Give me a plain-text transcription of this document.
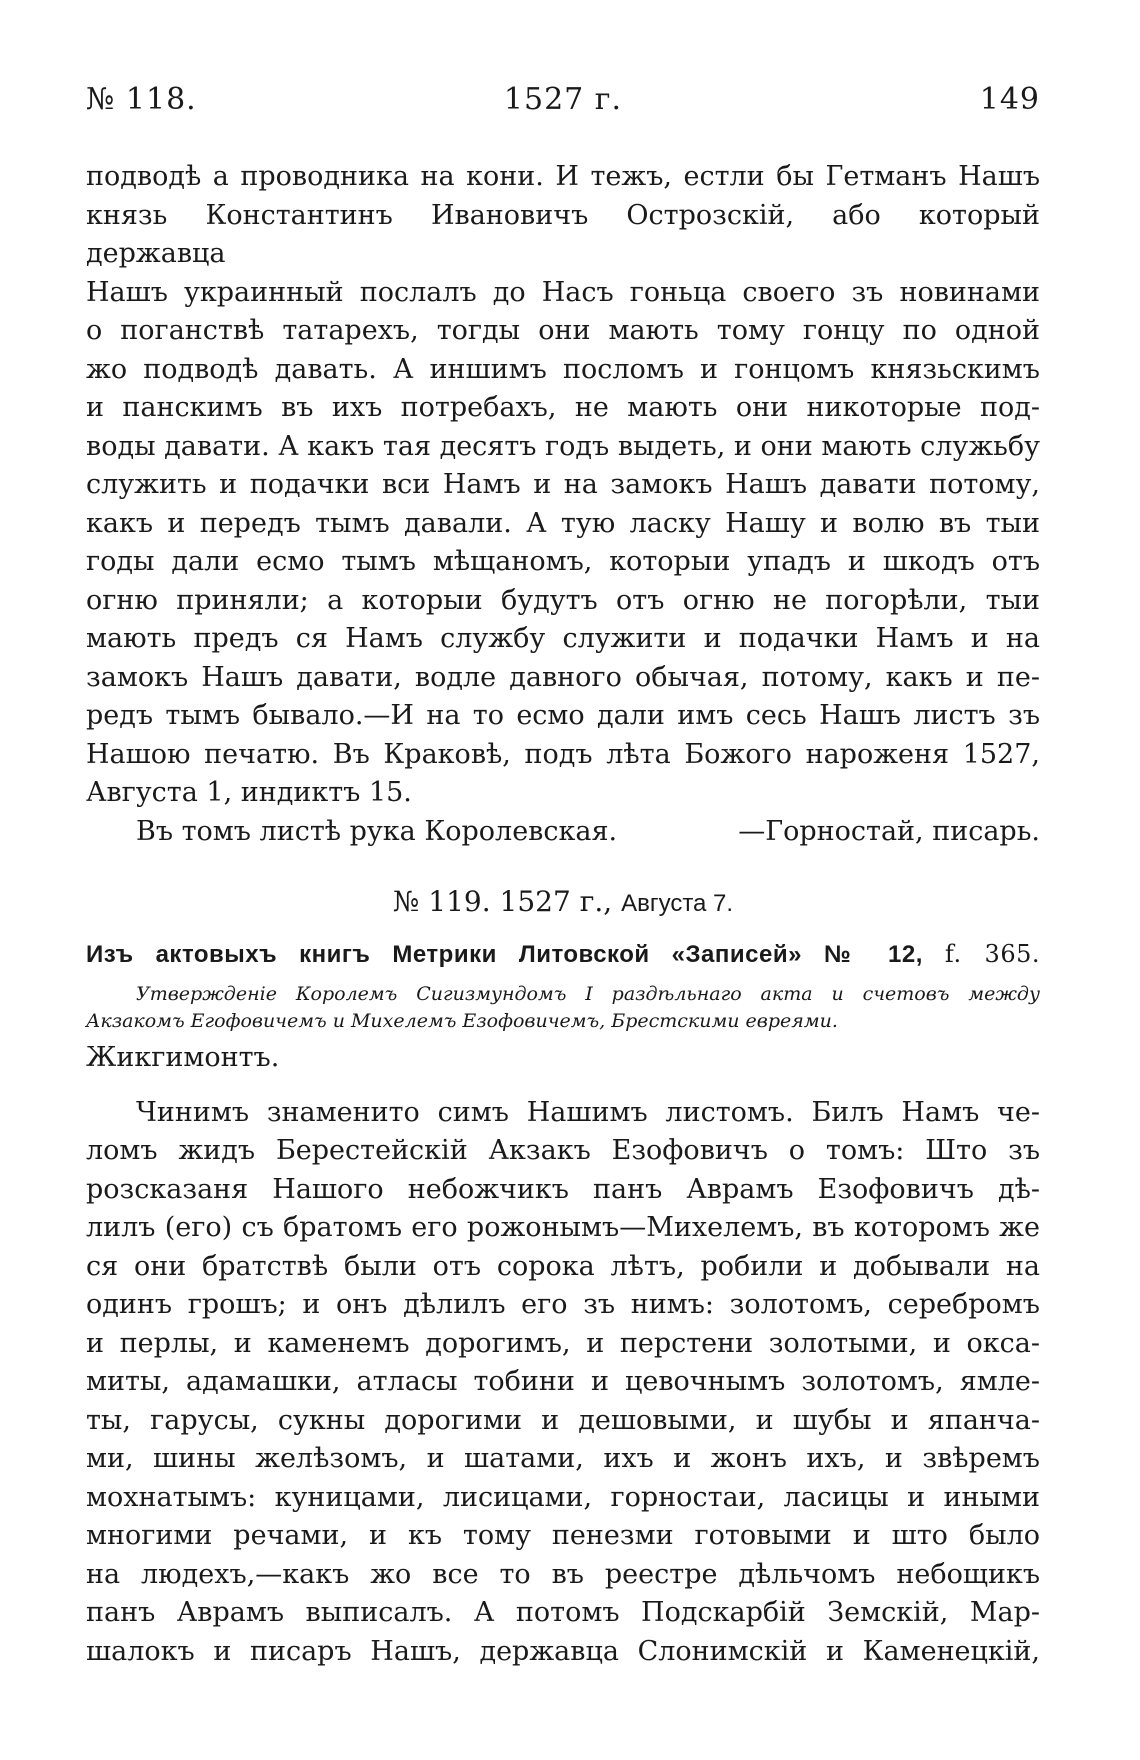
№ 118.	1527 г.	149
подводѣ а проводника на кони. И тежъ, естли бы Гетманъ Нашъ
князь Константинъ Ивановичъ Острозскій, або который державца
Нашъ украинный послалъ до Насъ гоньца своего зъ новинами
о поганствѣ татарехъ, тогды они мають тому гонцу по одной
жо подводѣ давать. А иншимъ посломъ и гонцомъ князьскимъ
и панскимъ въ ихъ потребахъ, не мають они никоторые под-
воды давати. А какъ тая десятъ годъ выдеть, и они мають служьбу
служить и подачки вси Намъ и на замокъ Нашъ давати потому,
какъ и передъ тымъ давали. А тую ласку Нашу и волю въ тыи
годы дали есмо тымъ мѣщаномъ, которыи упадъ и шкодъ отъ
огню приняли; а которыи будутъ отъ огню не погорѣли, тыи
мають предъ ся Намъ службу служити и подачки Намъ и на
замокъ Нашъ давати, водле давного обычая, потому, какъ и пе-
редъ тымъ бывало.—И на то есмо дали имъ сесь Нашъ листъ зъ
Нашою печатю. Въ Краковѣ, подъ лѣта Божого нароженя 1527,
Августа 1, индиктъ 15.
Въ томъ листѣ рука Королевская.	—Горностай, писарь.
№ 119. 1527 г., Августа 7.
Изъ актовыхъ книгъ Метрики Литовской «Записей» № 12, f. 365.
Утвержденіе Королемъ Сигизмундомъ I раздѣльнаго акта и счетовъ между
Акзакомъ Егофовичемъ и Михелемъ Езофовичемъ, Брестскими евреями.
Жикгимонтъ.
Чинимъ знаменито симъ Нашимъ листомъ. Билъ Намъ че-
ломъ жидъ Берестейскій Акзакъ Езофовичъ о томъ: Што зъ
розсказаня Нашого небожчикъ панъ Аврамъ Езофовичъ дѣ-
лилъ (его) съ братомъ его рожонымъ—Михелемъ, въ которомъ же
ся они братствѣ были отъ сорока лѣтъ, робили и добывали на
одинъ грошъ; и онъ дѣлилъ его зъ нимъ: золотомъ, серебромъ
и перлы, и каменемъ дорогимъ, и перстени золотыми, и окса-
миты, адамашки, атласы тобини и цевочнымъ золотомъ, ямле-
ты, гарусы, сукны дорогими и дешовыми, и шубы и япанча-
ми, шины желѣзомъ, и шатами, ихъ и жонъ ихъ, и звѣремъ
мохнатымъ: куницами, лисицами, горностаи, ласицы и иными
многими речами, и къ тому пенезми готовыми и што было
на людехъ,—какъ жо все то въ реестре дѣльчомъ небощикъ
панъ Аврамъ выписалъ. А потомъ Подскарбій Земскій, Мар-
шалокъ и писаръ Нашъ, державца Слонимскій и Каменецкій,
